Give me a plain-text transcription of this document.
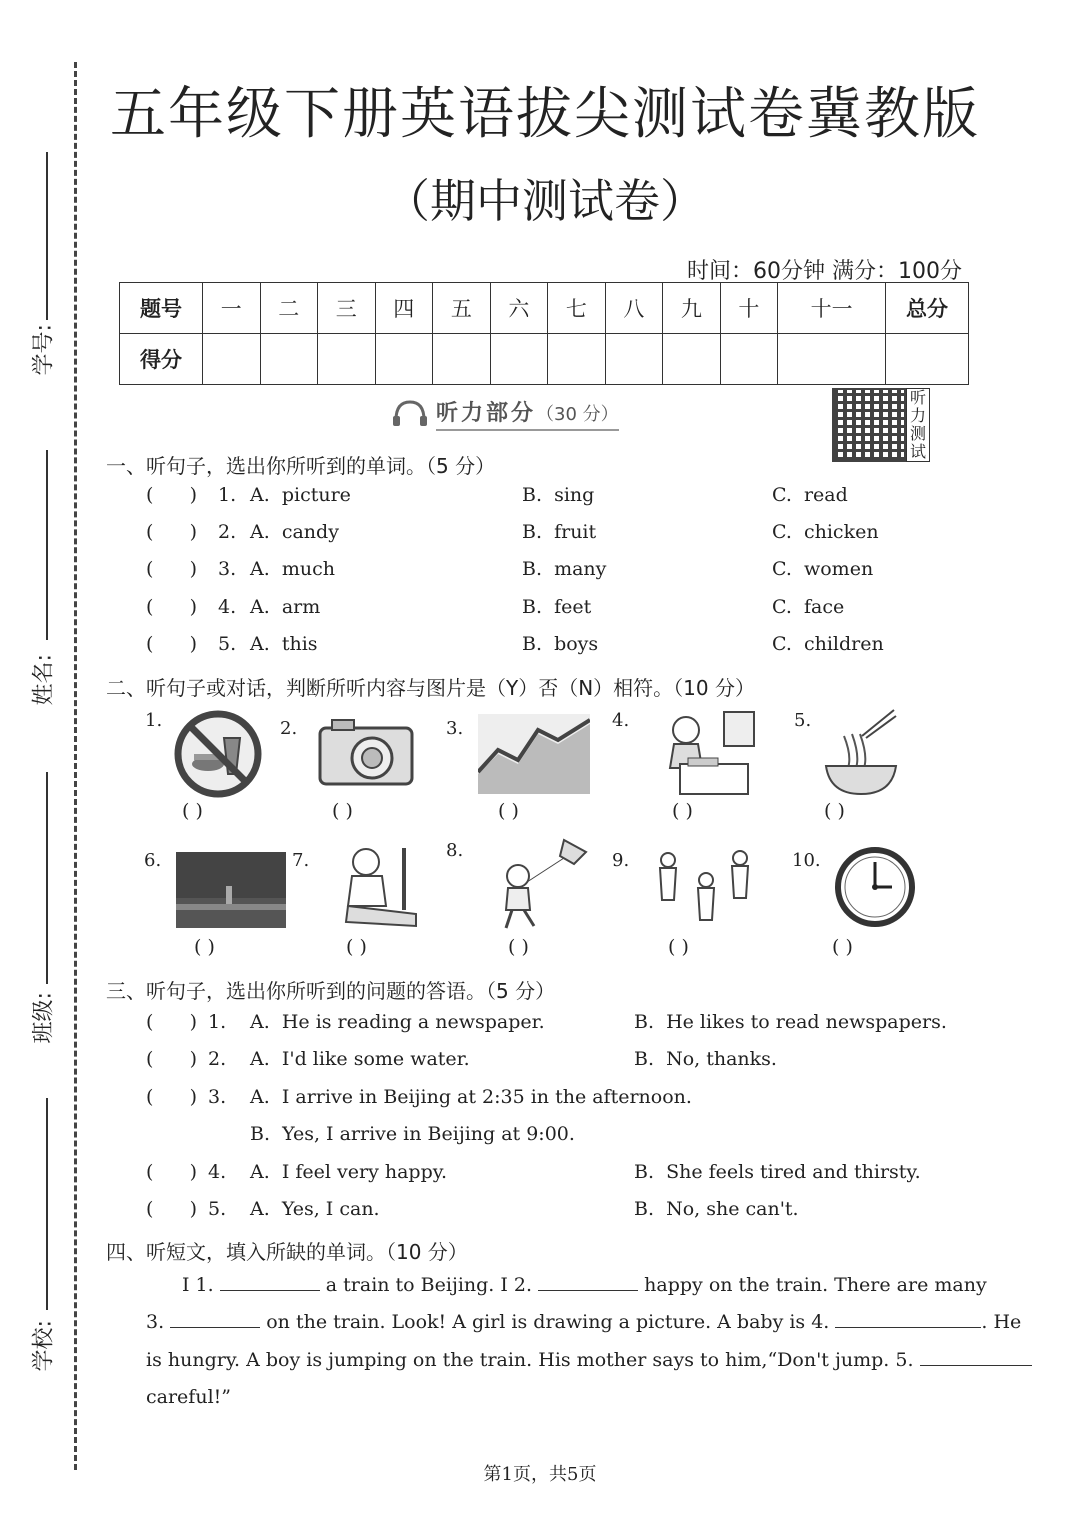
学号:
姓名:
班级:
学校:
五年级下册英语拔尖测试卷冀教版
（期中测试卷）
时间：60分钟 满分：100分
题号	一	二	三	四	五	六	七	八	九	十	十一	总分
得分												
听力部分（30 分）
听力测试
一、听句子，选出你所听到的单词。（5 分）
(      ) 1. A.  picture	B.  sing	C.  read
(      ) 2. A.  candy	B.  fruit	C.  chicken
(      ) 3. A.  much	B.  many	C.  women
(      ) 4. A.  arm	B.  feet	C.  face
(      ) 5. A.  this	B.  boys	C.  children
二、听句子或对话，判断所听内容与图片是（Y）否（N）相符。（10 分）
1.
( )
2.
( )
3.
( )
4.
( )
5.
( )
6.
( )
7.
( )
8.
( )
9.
( )
10.
( )
三、听句子，选出你所听到的问题的答语。（5 分）
(      ) 1. A.  He is reading a newspaper.	B.  He likes to read newspapers.
(      ) 2. A.  I'd like some water.	B.  No, thanks.
(      ) 3. A.  I arrive in Beijing at 2:35 in the afternoon.
B.  Yes, I arrive in Beijing at 9:00.
(      ) 4. A.  I feel very happy.	B.  She feels tired and thirsty.
(      ) 5. A.  Yes, I can.	B.  No, she can't.
四、听短文，填入所缺的单词。（10 分）
I 1.	a train to Beijing. I 2.	happy on the train. There are many
3.	on the train. Look! A girl is drawing a picture. A baby is 4.	. He
is hungry. A boy is jumping on the train. His mother says to him,“Don't jump. 5.
careful!”
第1页，共5页
